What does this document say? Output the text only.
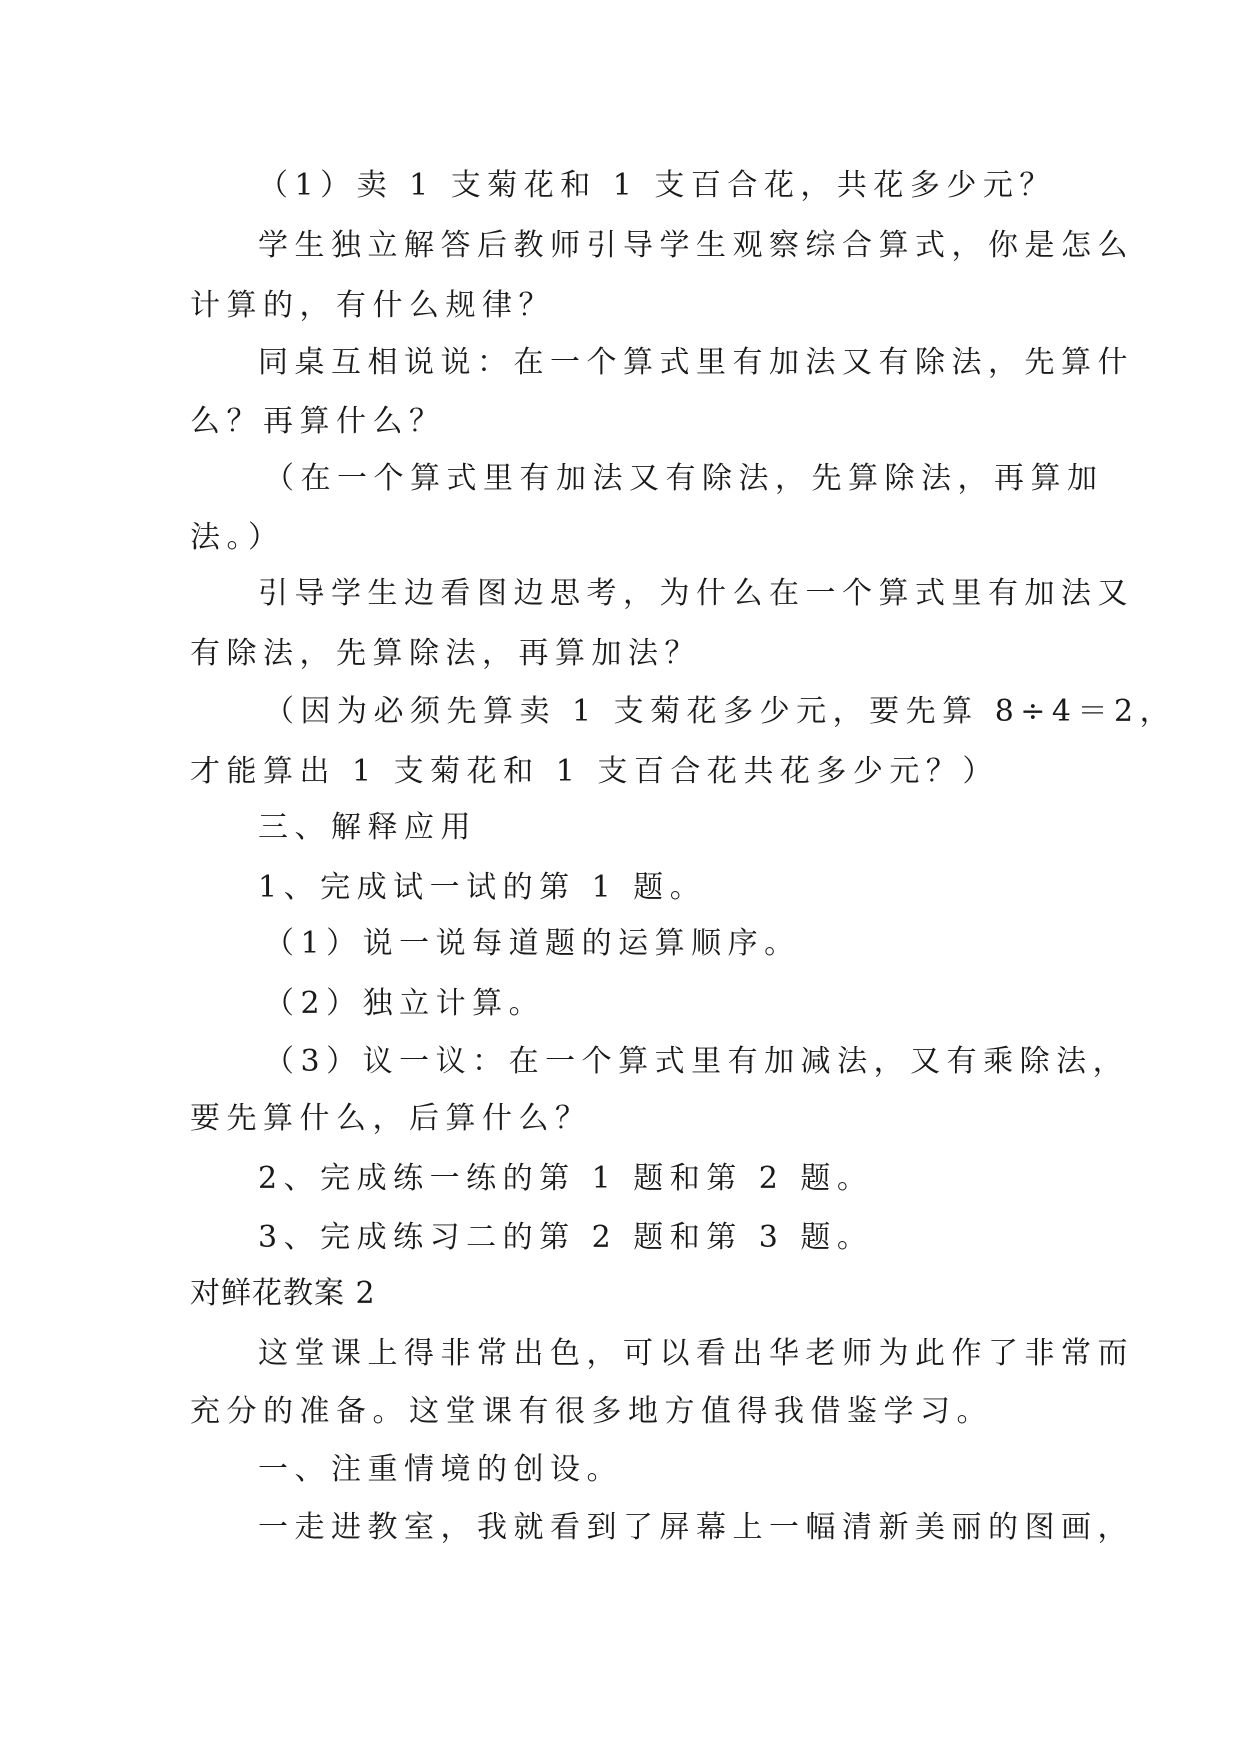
（1）卖 1 支菊花和 1 支百合花，共花多少元？

学生独立解答后教师引导学生观察综合算式，你是怎么

计算的，有什么规律？

同桌互相说说：在一个算式里有加法又有除法，先算什

么？再算什么？

（在一个算式里有加法又有除法，先算除法，再算加

法。）

引导学生边看图边思考，为什么在一个算式里有加法又

有除法，先算除法，再算加法？

（因为必须先算卖 1 支菊花多少元，要先算 8÷4＝2，

才能算出 1 支菊花和 1 支百合花共花多少元？）

三、解释应用

1、完成试一试的第 1 题。

（1）说一说每道题的运算顺序。

（2）独立计算。

（3）议一议：在一个算式里有加减法，又有乘除法，

要先算什么，后算什么？

2、完成练一练的第 1 题和第 2 题。

3、完成练习二的第 2 题和第 3 题。

对鲜花教案 2

这堂课上得非常出色，可以看出华老师为此作了非常而

充分的准备。这堂课有很多地方值得我借鉴学习。

一、注重情境的创设。

一走进教室，我就看到了屏幕上一幅清新美丽的图画，
